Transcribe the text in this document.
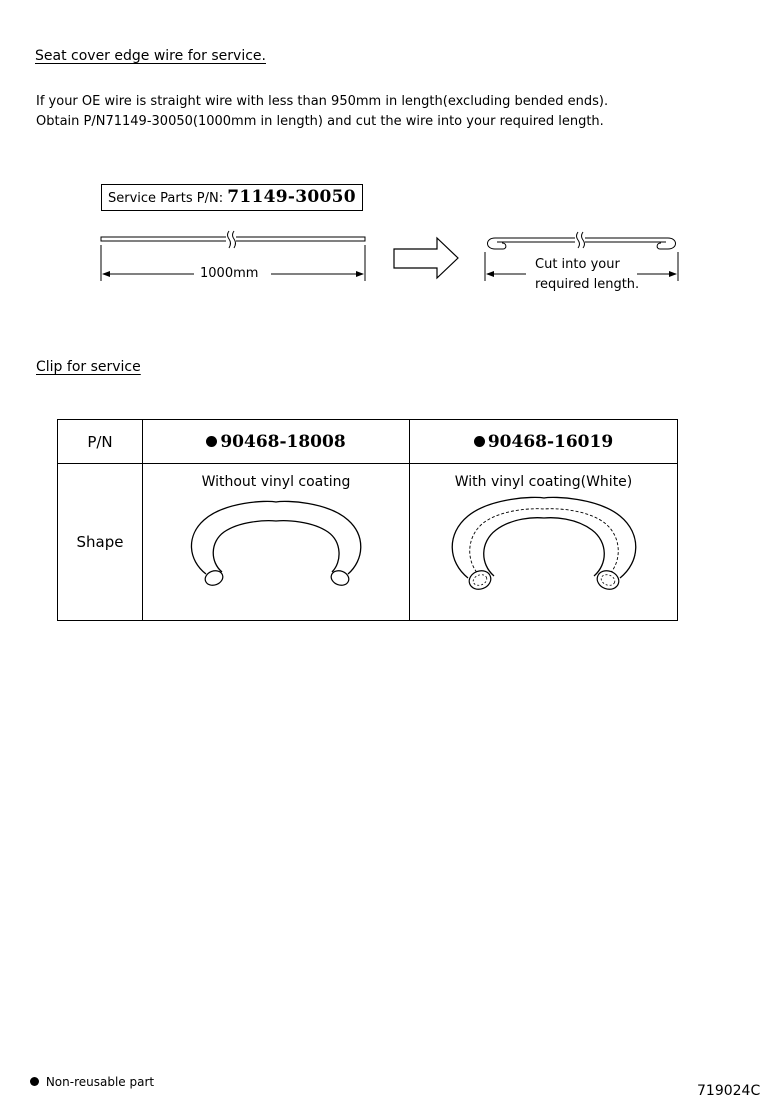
Seat cover edge wire for service.
If your OE wire is straight wire with less than 950mm in length(excluding bended ends).
Obtain P/N71149-30050(1000mm in length) and cut the wire into your required length.
Service Parts P/N: 71149-30050
1000mm
Cut into your
required length.
Clip for service
P/N	90468-18008	90468-16019
Shape	Without vinyl coating	With vinyl coating(White)
Non-reusable part
719024C
